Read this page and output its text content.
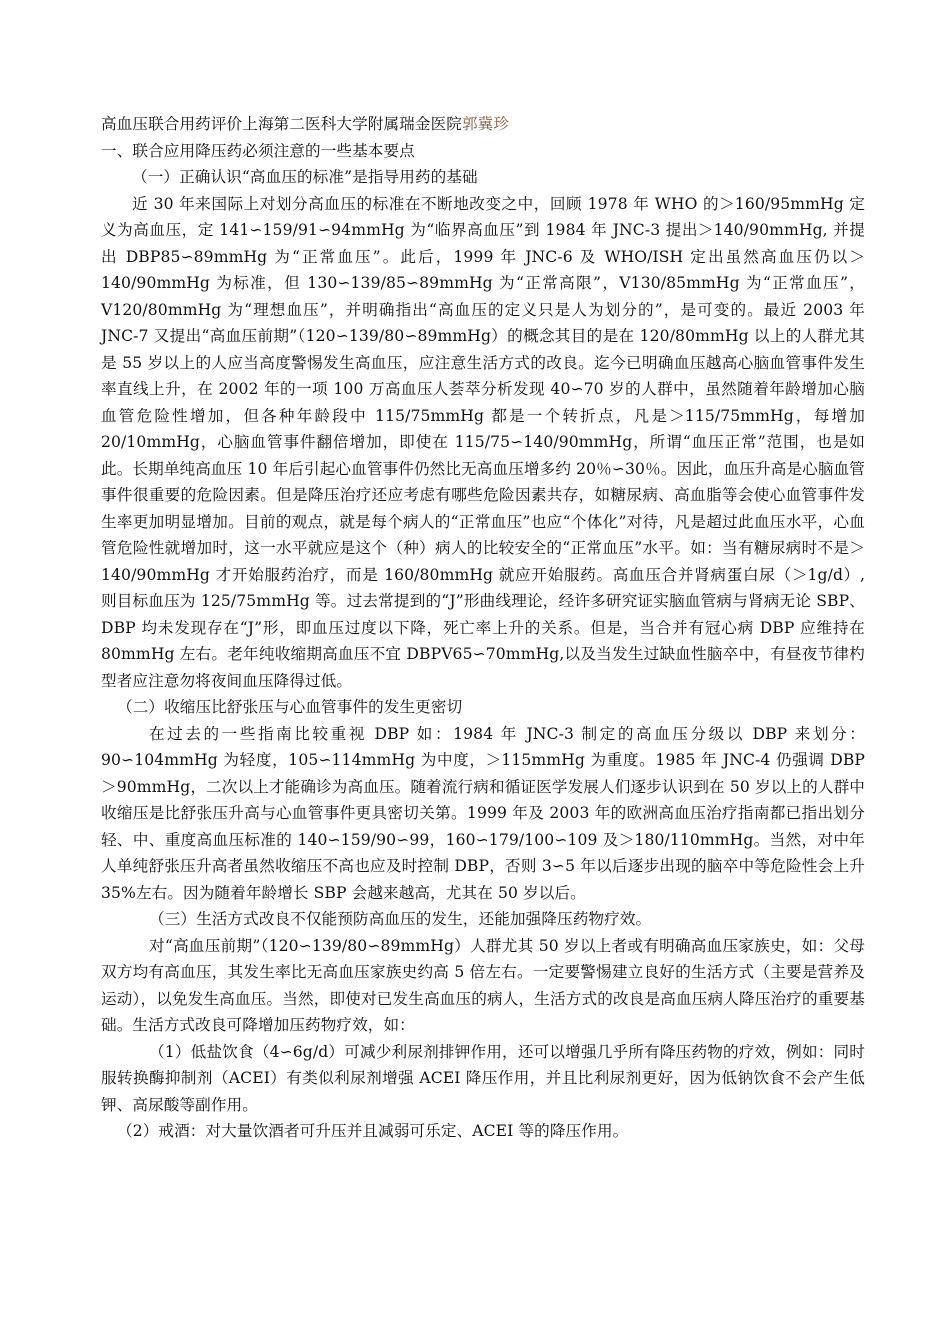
高血压联合用药评价上海第二医科大学附属瑞金医院郭冀珍
一、联合应用降压药必须注意的一些基本要点
（一）正确认识“高血压的标准”是指导用药的基础

近 30 年来国际上对划分高血压的标准在不断地改变之中，回顾 1978 年 WHO 的＞160/95mmHg 定义为高血压，定 141∽159/91∽94mmHg 为“临界高血压”到 1984 年 JNC-3 提出＞140/90mmHg, 并提出 DBP85∽89mmHg 为“正常血压”。此后，1999 年 JNC-6 及 WHO/ISH 定出虽然高血压仍以＞140/90mmHg 为标准，但 130∽139/85∽89mmHg 为“正常高限”，V130/85mmHg 为“正常血压”，V120/80mmHg 为“理想血压”，并明确指出“高血压的定义只是人为划分的”，是可变的。最近 2003 年 JNC-7 又提出“高血压前期”（120∽139/80∽89mmHg）的概念其目的是在 120/80mmHg 以上的人群尤其是 55 岁以上的人应当高度警惕发生高血压，应注意生活方式的改良。迄今已明确血压越高心脑血管事件发生率直线上升，在 2002 年的一项 100 万高血压人荟萃分析发现 40∽70 岁的人群中，虽然随着年龄增加心脑血管危险性增加，但各种年龄段中 115/75mmHg 都是一个转折点，凡是＞115/75mmHg，每增加 20/10mmHg，心脑血管事件翻倍增加，即使在 115/75∽140/90mmHg，所谓“血压正常”范围，也是如此。长期单纯高血压 10 年后引起心血管事件仍然比无高血压增多约 20％∽30％。因此，血压升高是心脑血管事件很重要的危险因素。但是降压治疗还应考虑有哪些危险因素共存，如糖尿病、高血脂等会使心血管事件发生率更加明显增加。目前的观点，就是每个病人的“正常血压”也应“个体化”对待，凡是超过此血压水平，心血管危险性就增加时，这一水平就应是这个（种）病人的比较安全的“正常血压”水平。如：当有糖尿病时不是＞140/90mmHg 才开始服药治疗，而是 160/80mmHg 就应开始服药。高血压合并肾病蛋白尿（＞1g/d）, 则目标血压为 125/75mmHg 等。过去常提到的“J”形曲线理论，经许多研究证实脑血管病与肾病无论 SBP、DBP 均未发现存在“J”形，即血压过度以下降，死亡率上升的关系。但是，当合并有冠心病 DBP 应维持在 80mmHg 左右。老年纯收缩期高血压不宜 DBPV65∽70mmHg,以及当发生过缺血性脑卒中，有昼夜节律杓型者应注意勿将夜间血压降得过低。

（二）收缩压比舒张压与心血管事件的发生更密切

在过去的一些指南比较重视 DBP 如：1984 年 JNC-3 制定的高血压分级以 DBP 来划分：90∽104mmHg 为轻度，105∽114mmHg 为中度，＞115mmHg 为重度。1985 年 JNC-4 仍强调 DBP＞90mmHg，二次以上才能确诊为高血压。随着流行病和循证医学发展人们逐步认识到在 50 岁以上的人群中收缩压是比舒张压升高与心血管事件更具密切关第。1999 年及 2003 年的欧洲高血压治疗指南都已指出划分轻、中、重度高血压标准的 140∽159/90∽99，160∽179/100∽109 及＞180/110mmHg。当然，对中年人单纯舒张压升高者虽然收缩压不高也应及时控制 DBP，否则 3∽5 年以后逐步出现的脑卒中等危险性会上升 35%左右。因为随着年龄增长 SBP 会越来越高，尤其在 50 岁以后。

（三）生活方式改良不仅能预防高血压的发生，还能加强降压药物疗效。

对“高血压前期”（120∽139/80∽89mmHg）人群尤其 50 岁以上者或有明确高血压家族史，如：父母双方均有高血压，其发生率比无高血压家族史约高 5 倍左右。一定要警惕建立良好的生活方式（主要是营养及运动），以免发生高血压。当然，即使对已发生高血压的病人，生活方式的改良是高血压病人降压治疗的重要基础。生活方式改良可降增加压药物疗效，如：

（1）低盐饮食（4∽6g/d）可减少利尿剂排钾作用，还可以增强几乎所有降压药物的疗效，例如：同时服转换酶抑制剂（ACEI）有类似利尿剂增强 ACEI 降压作用，并且比利尿剂更好，因为低钠饮食不会产生低钾、高尿酸等副作用。

（2）戒酒：对大量饮酒者可升压并且减弱可乐定、ACEI 等的降压作用。
